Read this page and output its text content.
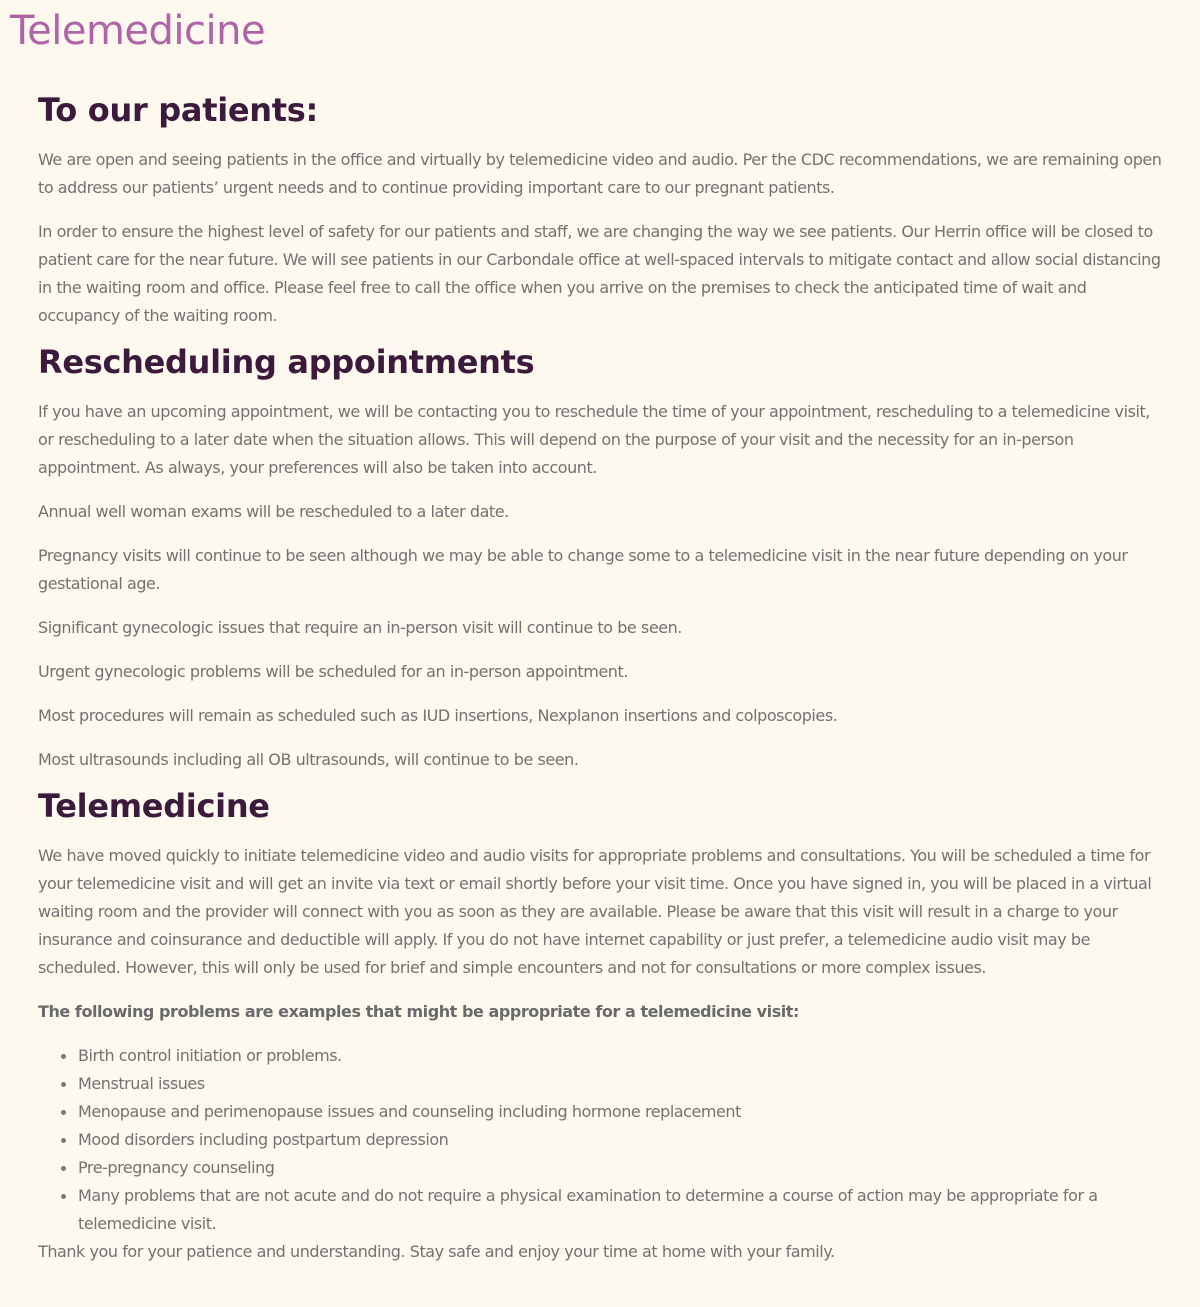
Telemedicine
To our patients:

We are open and seeing patients in the office and virtually by telemedicine video and audio. Per the CDC recommendations, we are remaining open to address our patients’ urgent needs and to continue providing important care to our pregnant patients.

In order to ensure the highest level of safety for our patients and staff, we are changing the way we see patients. Our Herrin office will be closed to patient care for the near future. We will see patients in our Carbondale office at well-spaced intervals to mitigate contact and allow social distancing in the waiting room and office. Please feel free to call the office when you arrive on the premises to check the anticipated time of wait and occupancy of the waiting room.

Rescheduling appointments

If you have an upcoming appointment, we will be contacting you to reschedule the time of your appointment, rescheduling to a telemedicine visit, or rescheduling to a later date when the situation allows. This will depend on the purpose of your visit and the necessity for an in-person appointment. As always, your preferences will also be taken into account.

Annual well woman exams will be rescheduled to a later date.

Pregnancy visits will continue to be seen although we may be able to change some to a telemedicine visit in the near future depending on your gestational age.

Significant gynecologic issues that require an in-person visit will continue to be seen.

Urgent gynecologic problems will be scheduled for an in-person appointment.

Most procedures will remain as scheduled such as IUD insertions, Nexplanon insertions and colposcopies.

Most ultrasounds including all OB ultrasounds, will continue to be seen.

Telemedicine

We have moved quickly to initiate telemedicine video and audio visits for appropriate problems and consultations. You will be scheduled a time for your telemedicine visit and will get an invite via text or email shortly before your visit time. Once you have signed in, you will be placed in a virtual waiting room and the provider will connect with you as soon as they are available. Please be aware that this visit will result in a charge to your insurance and coinsurance and deductible will apply. If you do not have internet capability or just prefer, a telemedicine audio visit may be scheduled. However, this will only be used for brief and simple encounters and not for consultations or more complex issues.

The following problems are examples that might be appropriate for a telemedicine visit:

Birth control initiation or problems.
Menstrual issues
Menopause and perimenopause issues and counseling including hormone replacement
Mood disorders including postpartum depression
Pre-pregnancy counseling
Many problems that are not acute and do not require a physical examination to determine a course of action may be appropriate for a telemedicine visit.

Thank you for your patience and understanding. Stay safe and enjoy your time at home with your family.
